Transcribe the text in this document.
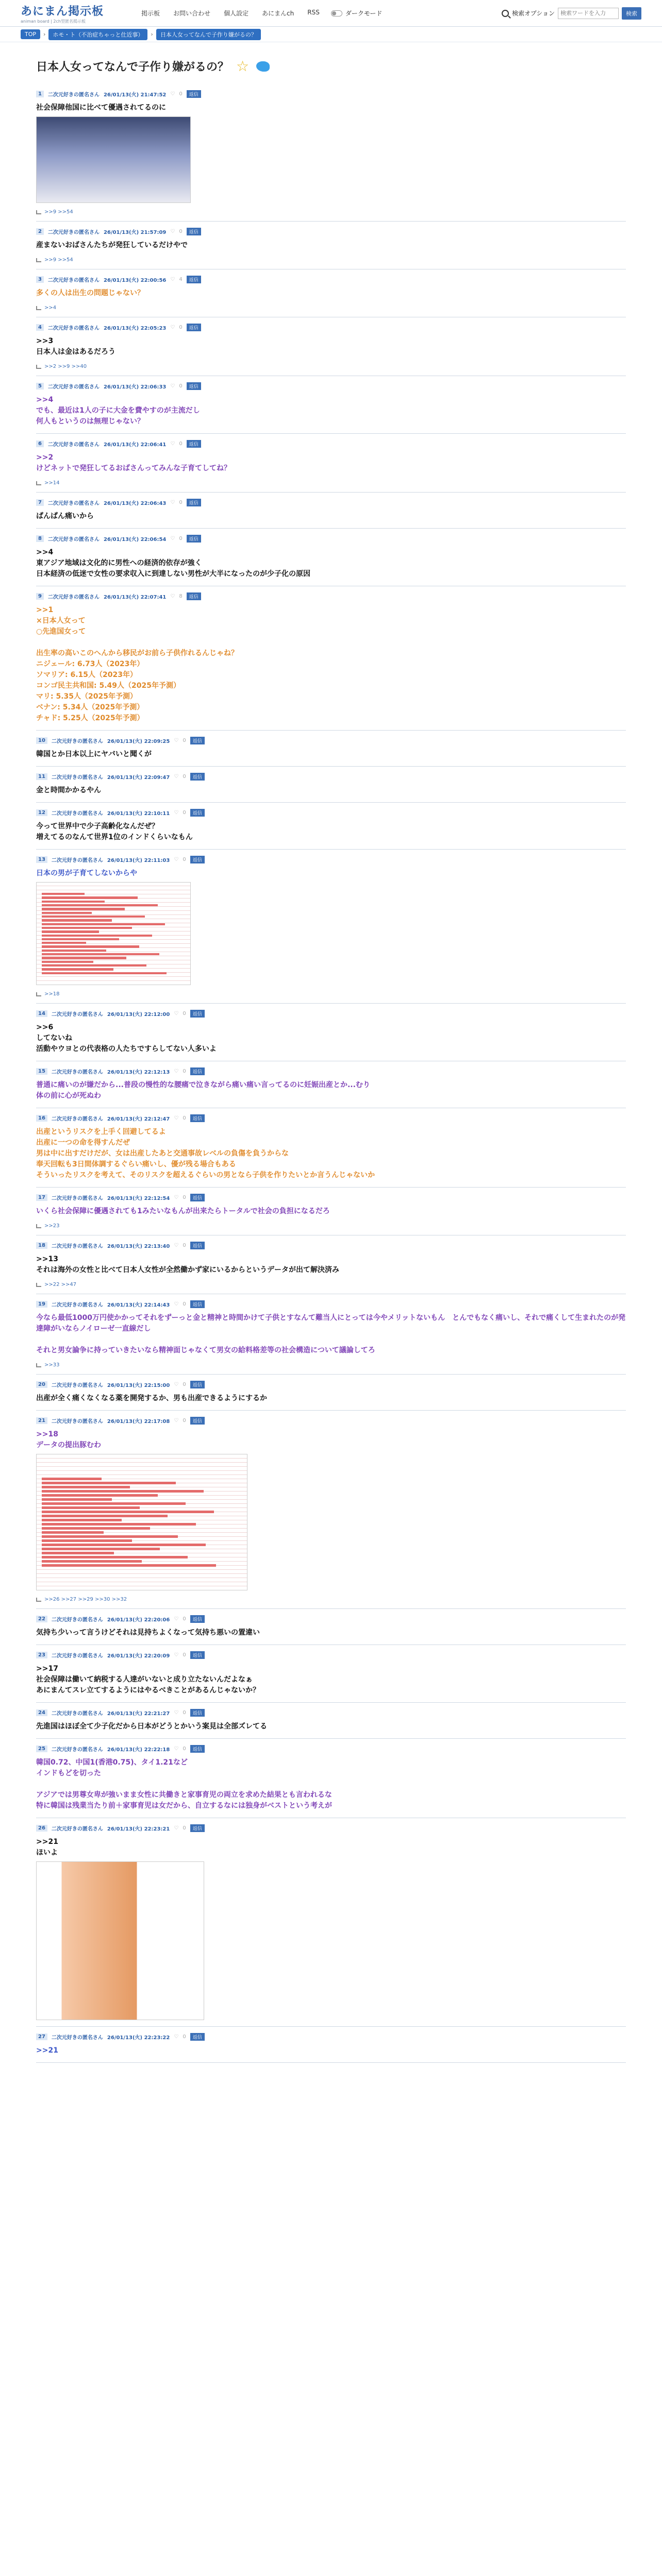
あにまん掲示板
animan board | 2ch型匿名掲示板
掲示板 お問い合わせ 個人設定 あにまんch RSS	ダークモード	検索オプション
検索ワードを入力	検索
TOP	›	ホモ・ト（不治症ちゃっと仕近事）	›	日本人女ってなんで子作り嫌がるの？
日本人女ってなんで子作り嫌がるの？ ☆
1	二次元好きの匿名さん 26/01/13(火) 21:47:52 ♡ 0	返信
社会保障他国に比べて優遇されてるのに
>>9 >>54
2	二次元好きの匿名さん 26/01/13(火) 21:57:09 ♡ 0	返信
産まないおばさんたちが発狂しているだけやで
>>9 >>54
3	二次元好きの匿名さん 26/01/13(火) 22:00:56 ♡ 4	返信
多くの人は出生の問題じゃない？
>>4
4	二次元好きの匿名さん 26/01/13(火) 22:05:23 ♡ 0	返信
>>3
日本人は金はあるだろう
>>2 >>9 >>40
5	二次元好きの匿名さん 26/01/13(火) 22:06:33 ♡ 0	返信
>>4
でも、最近は1人の子に大金を費やすのが主流だし
何人もというのは無理じゃない？
6	二次元好きの匿名さん 26/01/13(火) 22:06:41 ♡ 0	返信
>>2
けどネットで発狂してるおばさんってみんな子育てしてね？
>>14
7	二次元好きの匿名さん 26/01/13(火) 22:06:43 ♡ 0	返信
ぱんぱん痛いから
8	二次元好きの匿名さん 26/01/13(火) 22:06:54 ♡ 0	返信
>>4
東アジア地域は文化的に男性への経済的依存が強く
日本経済の低迷で女性の要求収入に到達しない男性が大半になったのが少子化の原因
9	二次元好きの匿名さん 26/01/13(火) 22:07:41 ♡ 8	返信
>>1
×日本人女って
○先進国女って

出生率の高いこのへんから移民がお前ら子供作れるんじゃね？
ニジェール: 6.73人（2023年）
ソマリア: 6.15人（2023年）
コンゴ民主共和国: 5.49人（2025年予測）
マリ: 5.35人（2025年予測）
ベナン: 5.34人（2025年予測）
チャド: 5.25人（2025年予測）
10	二次元好きの匿名さん 26/01/13(火) 22:09:25 ♡ 0	返信
韓国とか日本以上にヤバいと聞くが
11	二次元好きの匿名さん 26/01/13(火) 22:09:47 ♡ 0	返信
金と時間かかるやん
12	二次元好きの匿名さん 26/01/13(火) 22:10:11 ♡ 0	返信
今って世界中で少子高齢化なんだぜ？
増えてるのなんて世界1位のインドくらいなもん
13	二次元好きの匿名さん 26/01/13(火) 22:11:03 ♡ 0	返信
日本の男が子育てしないからや
>>18
14	二次元好きの匿名さん 26/01/13(火) 22:12:00 ♡ 0	返信
>>6
してないね
活動やウヨとの代表格の人たちですらしてない人多いよ
15	二次元好きの匿名さん 26/01/13(火) 22:12:13 ♡ 0	返信
普通に痛いのが嫌だから...普段の慢性的な腰痛で泣きながら痛い痛い言ってるのに妊娠出産とか...むり
体の前に心が死ぬわ
16	二次元好きの匿名さん 26/01/13(火) 22:12:47 ♡ 0	返信
出産というリスクを上手く回避してるよ
出産に一つの命を得すんだぜ
男は中に出すだけだが、女は出産したあと交通事故レベルの負傷を負うからな
奉天回転も3日間体調するぐらい痛いし、優が残る場合もある
そういったリスクを考えて、そのリスクを超えるぐらいの男となら子供を作りたいとか言うんじゃないか
17	二次元好きの匿名さん 26/01/13(火) 22:12:54 ♡ 0	返信
いくら社会保障に優遇されても1みたいなもんが出来たらトータルで社会の負担になるだろ
>>23
18	二次元好きの匿名さん 26/01/13(火) 22:13:40 ♡ 0	返信
>>13
それは海外の女性と比べて日本人女性が全然働かず家にいるからというデータが出て解決済み
>>22 >>47
19	二次元好きの匿名さん 26/01/13(火) 22:14:43 ♡ 0	返信
今なら最低1000万円使かかってそれをずーっと金と精神と時間かけて子供とすなんて難当人にとっては今やメリットないもん　とんでもなく痛いし、それで痛くして生まれたのが発達障がいならノイローゼ一直線だし

それと男女論争に持っていきたいなら精神面じゃなくて男女の給料格差等の社会構造について議論してろ
>>33
20	二次元好きの匿名さん 26/01/13(火) 22:15:00 ♡ 0	返信
出産が全く痛くなくなる薬を開発するか、男も出産できるようにするか
21	二次元好きの匿名さん 26/01/13(火) 22:17:08 ♡ 0	返信
>>18
データの提出豚むわ
>>26 >>27 >>29 >>30 >>32
22	二次元好きの匿名さん 26/01/13(火) 22:20:06 ♡ 0	返信
気持ち少いって言うけどそれは見持ちよくなって気持ち悪いの置違い
23	二次元好きの匿名さん 26/01/13(火) 22:20:09 ♡ 0	返信
>>17
社会保障は働いて納税する人達がいないと成り立たないんだよなぁ
あにまんてスレ立てするようにはやるべきことがあるんじゃないか？
24	二次元好きの匿名さん 26/01/13(火) 22:21:27 ♡ 0	返信
先進国はほぼ全て少子化だから日本がどうとかいう案見は全部ズレてる
25	二次元好きの匿名さん 26/01/13(火) 22:22:18 ♡ 0	返信
韓国0.72、中国1(香港0.75)、タイ1.21など
インドもどを切った

アジアでは男尊女卑が強いまま女性に共働きと家事育児の両立を求めた結果とも言われるな
特に韓国は残業当たり前＋家事育児は女だから、自立するなには独身がベストという考えが
26	二次元好きの匿名さん 26/01/13(火) 22:23:21 ♡ 0	返信
>>21
ほいよ
27	二次元好きの匿名さん 26/01/13(火) 22:23:22 ♡ 0	返信
>>21
